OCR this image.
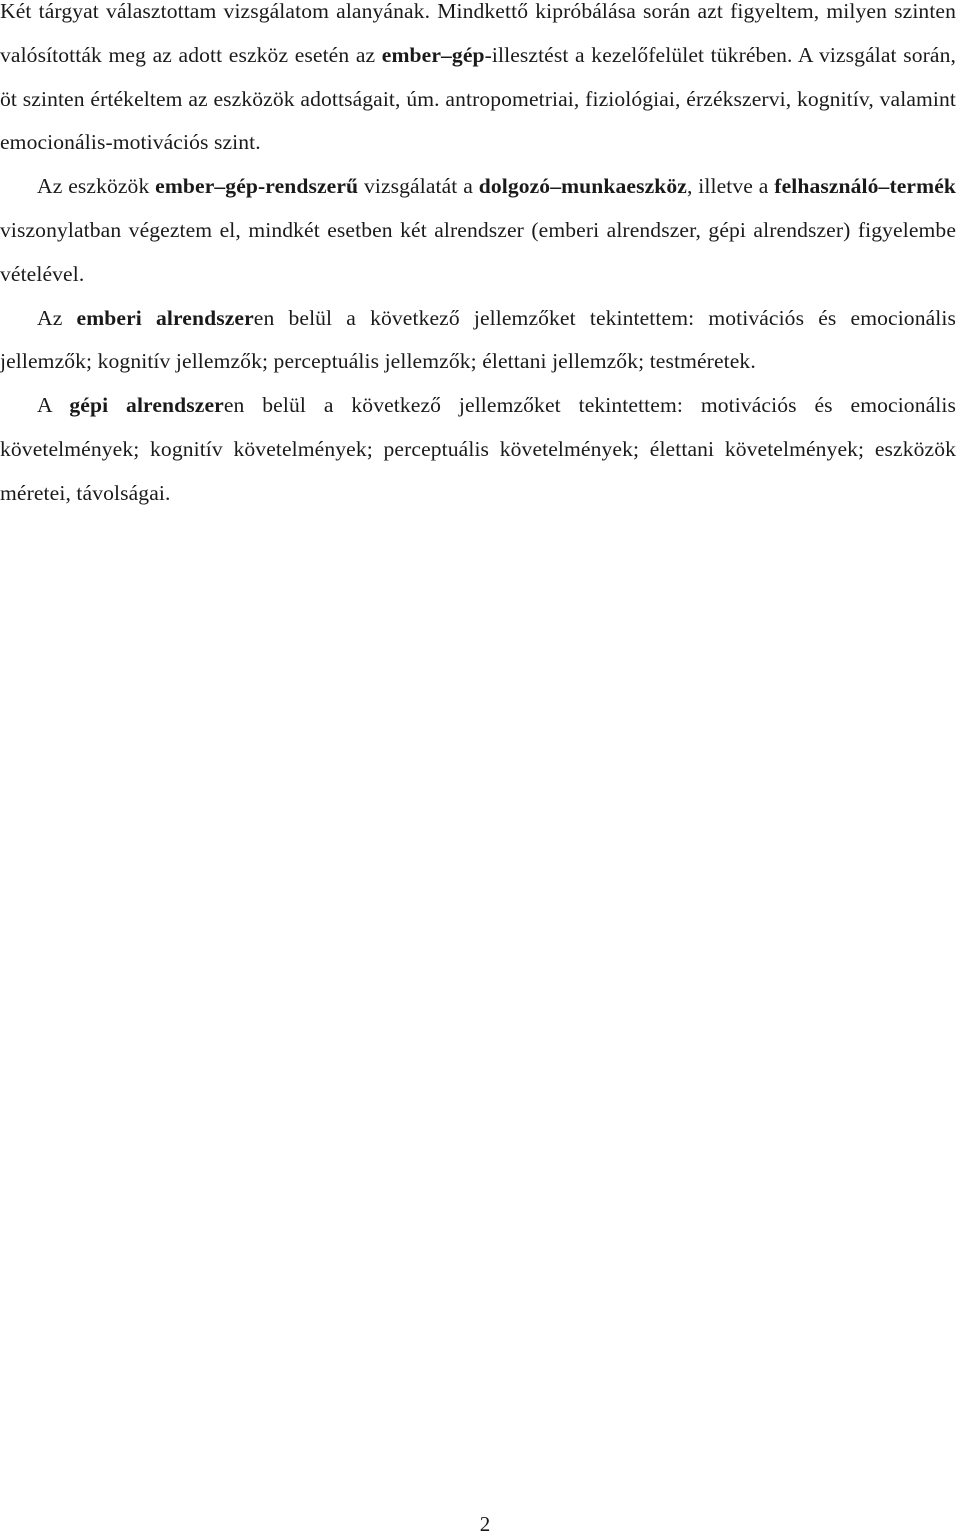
Két tárgyat választottam vizsgálatom alanyának. Mindkettő kipróbálása során azt figyeltem, milyen szinten valósították meg az adott eszköz esetén az ember–gép-illesztést a kezelőfelület tükrében. A vizsgálat során, öt szinten értékeltem az eszközök adottságait, úm. antropometriai, fiziológiai, érzékszervi, kognitív, valamint emocionális-motivációs szint.

Az eszközök ember–gép-rendszerű vizsgálatát a dolgozó–munkaeszköz, illetve a felhasználó–termék viszonylatban végeztem el, mindkét esetben két alrendszer (emberi alrendszer, gépi alrendszer) figyelembe vételével.

Az emberi alrendszeren belül a következő jellemzőket tekintettem: motivációs és emocionális jellemzők; kognitív jellemzők; perceptuális jellemzők; élettani jellemzők; testméretek.

A gépi alrendszeren belül a következő jellemzőket tekintettem: motivációs és emocionális követelmények; kognitív követelmények; perceptuális követelmények; élettani követelmények; eszközök méretei, távolságai.

2
